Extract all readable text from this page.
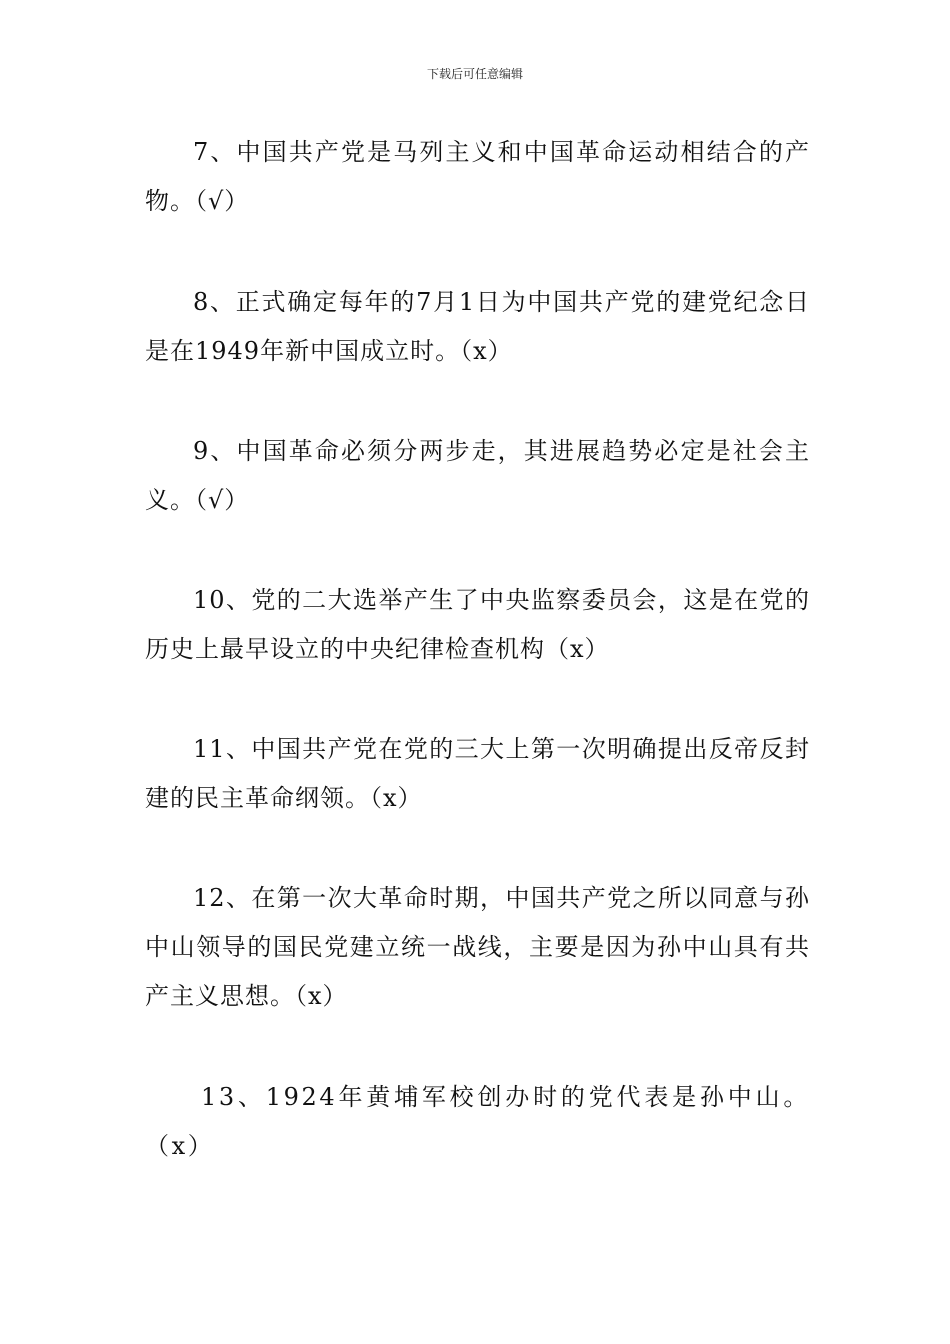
下载后可任意编辑
7、中国共产党是马列主义和中国革命运动相结合的产物。（√）
8、正式确定每年的7月1日为中国共产党的建党纪念日是在1949年新中国成立时。（x）
9、中国革命必须分两步走，其进展趋势必定是社会主义。（√）
10、党的二大选举产生了中央监察委员会，这是在党的历史上最早设立的中央纪律检查机构（x）
11、中国共产党在党的三大上第一次明确提出反帝反封建的民主革命纲领。（x）
12、在第一次大革命时期，中国共产党之所以同意与孙中山领导的国民党建立统一战线，主要是因为孙中山具有共产主义思想。（x）
13、1924年黄埔军校创办时的党代表是孙中山。（x）
